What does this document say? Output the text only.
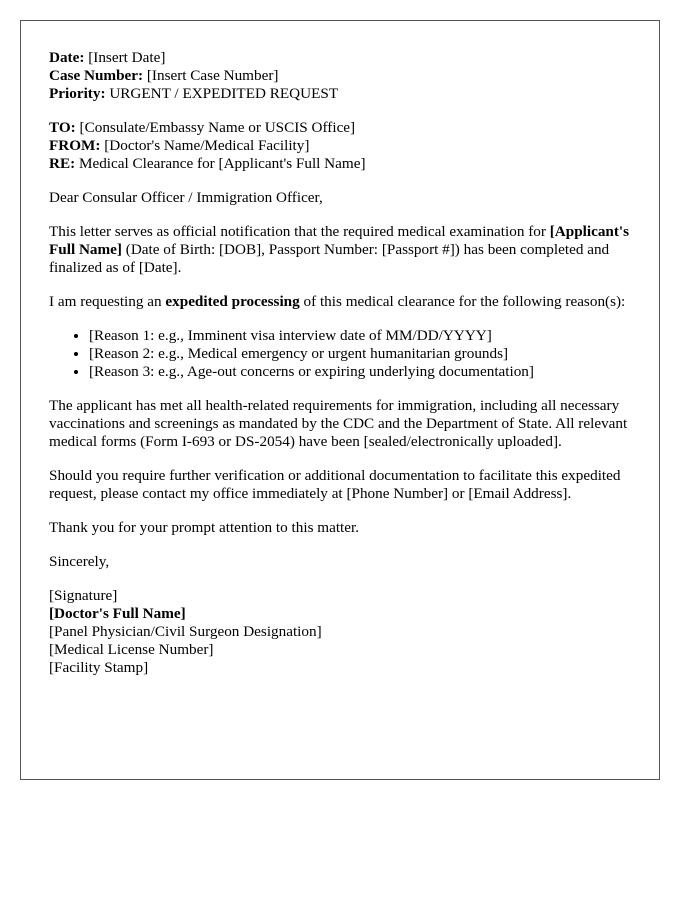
Date: [Insert Date]
Case Number: [Insert Case Number]
Priority: URGENT / EXPEDITED REQUEST
TO: [Consulate/Embassy Name or USCIS Office]
FROM: [Doctor's Name/Medical Facility]
RE: Medical Clearance for [Applicant's Full Name]

Dear Consular Officer / Immigration Officer,

This letter serves as official notification that the required medical examination for [Applicant's Full Name] (Date of Birth: [DOB], Passport Number: [Passport #]) has been completed and finalized as of [Date].

I am requesting an expedited processing of this medical clearance for the following reason(s):

• [Reason 1: e.g., Imminent visa interview date of MM/DD/YYYY]
• [Reason 2: e.g., Medical emergency or urgent humanitarian grounds]
• [Reason 3: e.g., Age-out concerns or expiring underlying documentation]

The applicant has met all health-related requirements for immigration, including all necessary vaccinations and screenings as mandated by the CDC and the Department of State. All relevant medical forms (Form I-693 or DS-2054) have been [sealed/electronically uploaded].

Should you require further verification or additional documentation to facilitate this expedited request, please contact my office immediately at [Phone Number] or [Email Address].

Thank you for your prompt attention to this matter.

Sincerely,

[Signature]
[Doctor's Full Name]
[Panel Physician/Civil Surgeon Designation]
[Medical License Number]
[Facility Stamp]
